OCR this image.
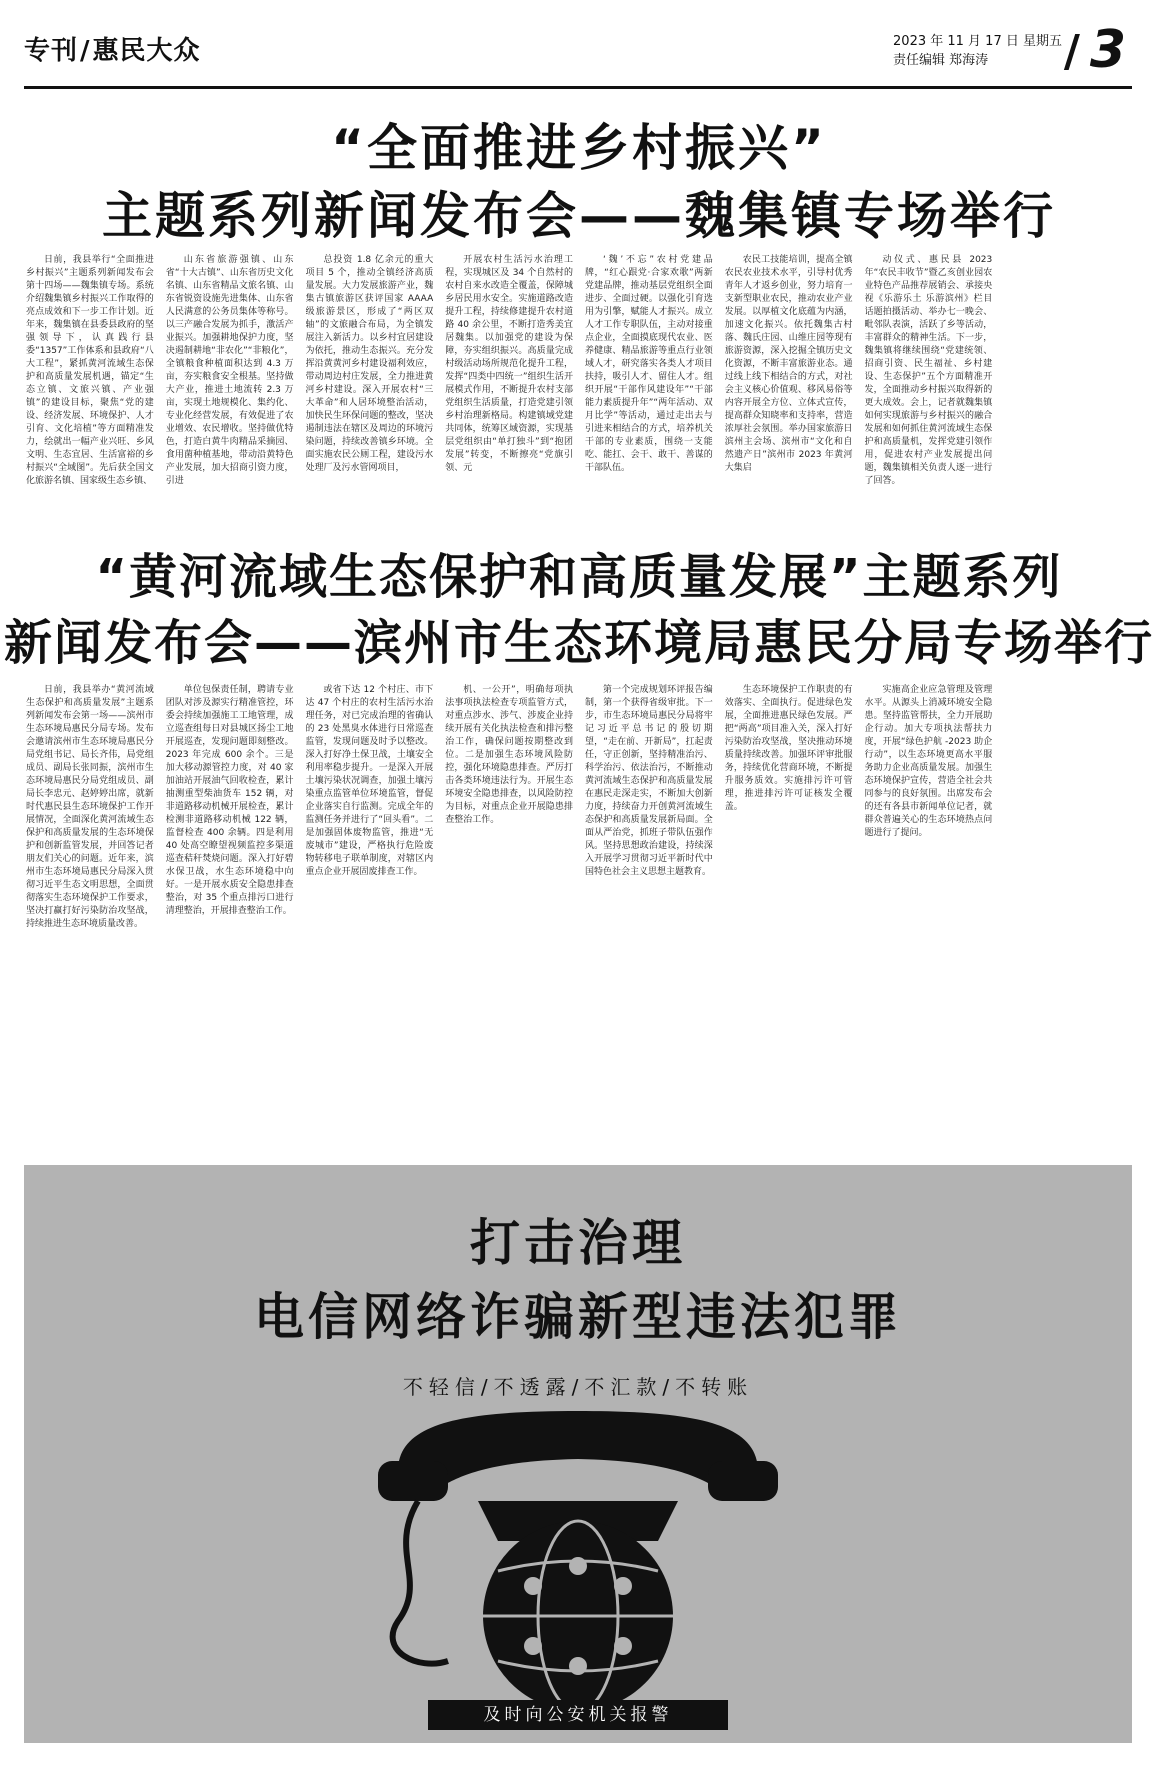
专刊/惠民大众	2023 年 11 月 17 日 星期五
责任编辑 郑海涛	/ 3
“全面推进乡村振兴”
主题系列新闻发布会——魏集镇专场举行

日前，我县举行“全面推进乡村振兴”主题系列新闻发布会第十四场——魏集镇专场。系统介绍魏集镇乡村振兴工作取得的亮点成效和下一步工作计划。近年来，魏集镇在县委县政府的坚强领导下，认真践行县委“1357”工作体系和县政府“八大工程”，紧抓黄河流域生态保护和高质量发展机遇，锚定“生态立镇、文旅兴镇、产业强镇”的建设目标，聚焦“党的建设、经济发展、环境保护、人才引育、文化培植”等方面精准发力，绘就出一幅产业兴旺、乡风文明、生态宜居、生活富裕的乡村振兴“全域图”。先后获全国文化旅游名镇、国家级生态乡镇、

山东省旅游强镇、山东省“十大古镇”、山东省历史文化名镇、山东省精品文旅名镇、山东省锐资设施先进集体、山东省人民满意的公务员集体等称号。以三产融合发展为抓手，激活产业振兴。加强耕地保护力度，坚决遏制耕地“非农化”“非粮化”，全镇粮食种植面积达到 4.3 万亩，夯实粮食安全根基。坚持做大产业，推进土地流转 2.3 万亩，实现土地规模化、集约化、专业化经营发展，有效促进了农业增效、农民增收。坚持做优特色，打造白黄牛肉精品采摘园、食用菌种植基地，带动沿黄特色产业发展，加大招商引资力度，引进

总投资 1.8 亿余元的重大项目 5 个，推动全镇经济高质量发展。大力发展旅游产业，魏集古镇旅游区获评国家 AAAA 级旅游景区，形成了“两区双轴”的文旅融合布局，为全镇发展注入新活力。以乡村宜居建设为依托，推动生态振兴。充分发挥沿黄黄河乡村建设福利效应，带动周边村庄发展，全力推进黄河乡村建设。深入开展农村“三大革命”和人居环境整治活动，加快民生环保问题的整改，坚决遏制违法在辖区及周边的环境污染问题，持续改善镇乡环境。全面实施农民公厕工程，建设污水处理厂及污水管网项目，

开展农村生活污水治理工程，实现城区及 34 个自然村的农村自来水改造全覆盖，保障城乡居民用水安全。实施道路改造提升工程，持续修建提升农村道路 40 余公里，不断打造秀美宜居魏集。以加强党的建设为保障，夯实组织振兴。高质量完成村级活动场所规范化提升工程，发挥“四类中四统一”组织生活开展模式作用，不断提升农村支部党组织生活质量，打造党建引领乡村治理新格局。构建镇域党建共同体，统筹区域资源，实现基层党组织由“单打独斗”到“抱团发展”转变，不断擦亮“党旗引领、元

‘魏’不忘”农村党建品牌，“红心跟党·合家欢歌”两新党建品牌，推动基层党组织全面进步、全面过硬。以强化引育选用为引擎，赋能人才振兴。成立人才工作专职队伍，主动对接重点企业，全面摸底现代农业、医养健康、精品旅游等重点行业领域人才，研究落实各类人才项目扶持，吸引人才、留住人才。组织开展“干部作风建设年”“干部能力素质提升年”“两年活动、双月比学”等活动，通过走出去与引进来相结合的方式，培养机关干部的专业素质，围绕一支能吃、能扛、会干、敢干、善谋的干部队伍。

农民工技能培训，提高全镇农民农业技术水平，引导村优秀青年人才返乡创业，努力培育一支新型职业农民，推动农业产业发展。以厚植文化底蕴为内涵，加速文化振兴。依托魏集古村落、魏氏庄园、山维庄园等现有旅游资源，深入挖掘全镇历史文化资源，不断丰富旅游业态。通过线上线下相结合的方式，对社会主义核心价值观、移风易俗等内容开展全方位、立体式宣传，提高群众知晓率和支持率，营造浓厚社会氛围。举办国家旅游日滨州主会场、滨州市“文化和自然遗产日”滨州市 2023 年黄河大集启

动仪式、惠民县 2023 年“农民丰收节”暨乙亥创业园农业特色产品推荐展销会、承接央视《乐游乐土 乐游滨州》栏目话题拍摄活动、举办七一晚会、毗邻队表演，活跃了乡等活动，丰富群众的精神生活。下一步，魏集镇将继续围绕“党建统领、招商引资、民生福祉、乡村建设、生态保护”五个方面精准开发，全面推动乡村振兴取得新的更大成效。会上，记者就魏集镇如何实现旅游与乡村振兴的融合发展和如何抓住黄河流域生态保护和高质量机，发挥党建引领作用，促进农村产业发展提出问题，魏集镇相关负责人逐一进行了回答。

“黄河流域生态保护和高质量发展”主题系列
新闻发布会——滨州市生态环境局惠民分局专场举行

日前，我县举办“黄河流域生态保护和高质量发展”主题系列新闻发布会第一场——滨州市生态环境局惠民分局专场。发布会邀请滨州市生态环境局惠民分局党组书记、局长齐伟，局党组成员、副局长张同振，滨州市生态环境局惠民分局党组成员、副局长李忠元、赵婷婷出席，就新时代惠民县生态环境保护工作开展情况，全面深化黄河流域生态保护和高质量发展的生态环境保护和创新监管发展，并回答记者朋友们关心的问题。近年来，滨州市生态环境局惠民分局深入贯彻习近平生态文明思想，全面贯彻落实生态环境保护工作要求，坚决打赢打好污染防治攻坚战，持续推进生态环境质量改善。

单位包保责任制，聘请专业团队对涉及源实行精准管控，环委会持续加强施工工地管理，成立巡查组每日对县城区扬尘工地开展巡查，发现问题即刻整改。2023 年完成 600 余个。三是加大移动源管控力度，对 40 家加油站开展油气回收检查，累计抽测重型柴油货车 152 辆，对非道路移动机械开展检查，累计检测非道路移动机械 122 辆，监督检查 400 余辆。四是利用 40 处高空瞭望视频监控多渠道巡查秸秆焚烧问题。深入打好碧水保卫战，水生态环境稳中向好。一是开展水质安全隐患排查整治，对 35 个重点排污口进行清理整治，开展排查整治工作。

或省下达 12 个村庄、市下达 47 个村庄的农村生活污水治理任务，对已完成治理的省确认的 23 处黑臭水体进行日常巡查监管，发现问题及时予以整改。深入打好净土保卫战，土壤安全利用率稳步提升。一是深入开展土壤污染状况调查，加强土壤污染重点监管单位环境监管，督促企业落实自行监测。完成全年的监测任务并进行了“回头看”。二是加强固体废物监管，推进“无废城市”建设，严格执行危险废物转移电子联单制度，对辖区内重点企业开展固废排查工作。

机、一公开”，明确每项执法事项执法检查专项监管方式，对重点涉水、涉气、涉废企业持续开展有关化执法检查和排污整治工作，确保问题按期整改到位。二是加强生态环境风险防控，强化环境隐患排查。严厉打击各类环境违法行为。开展生态环境安全隐患排查，以风险防控为目标，对重点企业开展隐患排查整治工作。

第一个完成规划环评报告编制，第一个获得省级审批。下一步，市生态环境局惠民分局将牢记习近平总书记的殷切期望，“走在前、开新局”，扛起责任，守正创新，坚持精准治污、科学治污、依法治污，不断推动黄河流域生态保护和高质量发展在惠民走深走实，不断加大创新力度，持续奋力开创黄河流域生态保护和高质量发展新局面。全面从严治党，抓班子带队伍强作风。坚持思想政治建设，持续深入开展学习贯彻习近平新时代中国特色社会主义思想主题教育。

生态环境保护工作职责的有效落实、全面执行。促进绿色发展，全面推进惠民绿色发展。严把“两高”项目准入关，深入打好污染防治攻坚战，坚决推动环境质量持续改善。加强环评审批服务，持续优化营商环境，不断提升服务质效。实施排污许可管理，推进排污许可证核发全覆盖。

实施高企业应急管理及管理水平。从源头上消减环境安全隐患。坚持监管帮扶，全力开展助企行动。加大专项执法帮扶力度，开展“绿色护航 -2023 助企行动”，以生态环境更高水平服务助力企业高质量发展。加强生态环境保护宣传，营造全社会共同参与的良好氛围。出席发布会的还有各县市新闻单位记者，就群众普遍关心的生态环境热点问题进行了提问。

打击治理
电信网络诈骗新型违法犯罪
不轻信/不透露/不汇款/不转账
及时向公安机关报警
